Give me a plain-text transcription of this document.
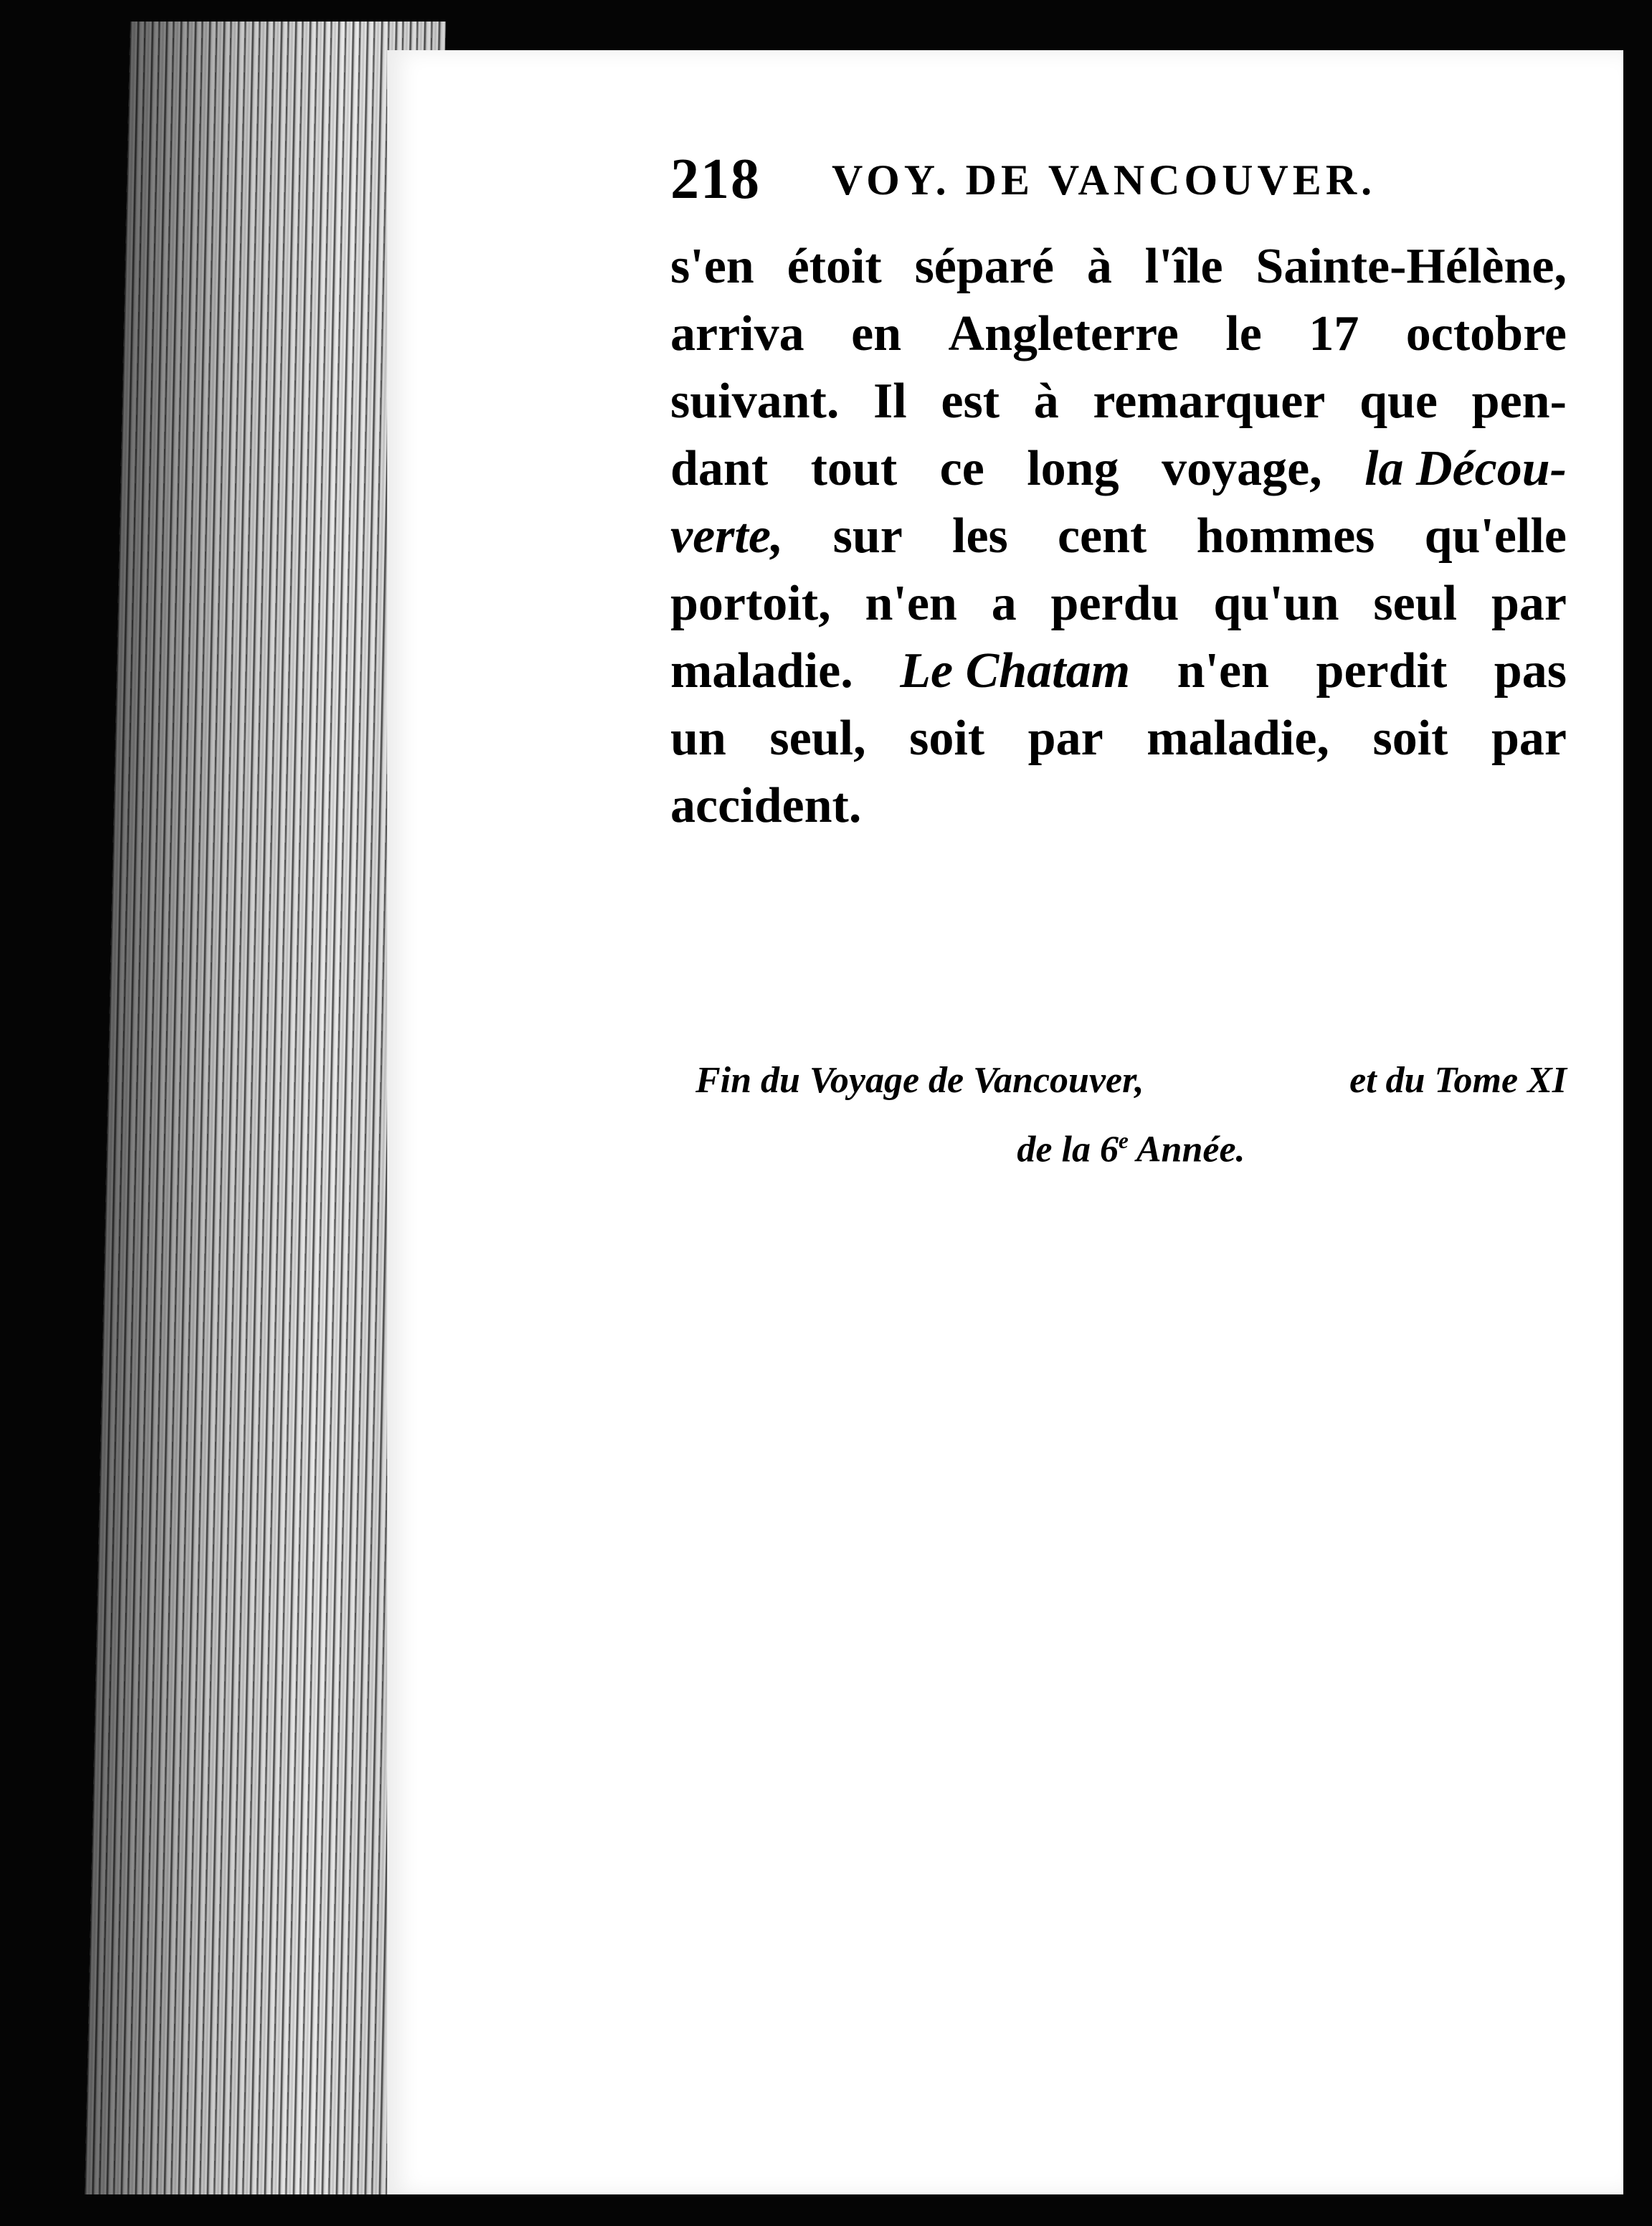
218 VOY. DE VANCOUVER.
s'en étoit séparé à l'île Sainte-Hélène,
arriva en Angleterre le 17 octobre
suivant. Il est à remarquer que pen-
dant tout ce long voyage, la Décou-
verte, sur les cent hommes qu'elle
portoit, n'en a perdu qu'un seul par
maladie. Le Chatam n'en perdit pas
un seul, soit par maladie, soit par
accident.
Fin du Voyage de Vancouver,	et du Tome XI
de la 6e Année.
